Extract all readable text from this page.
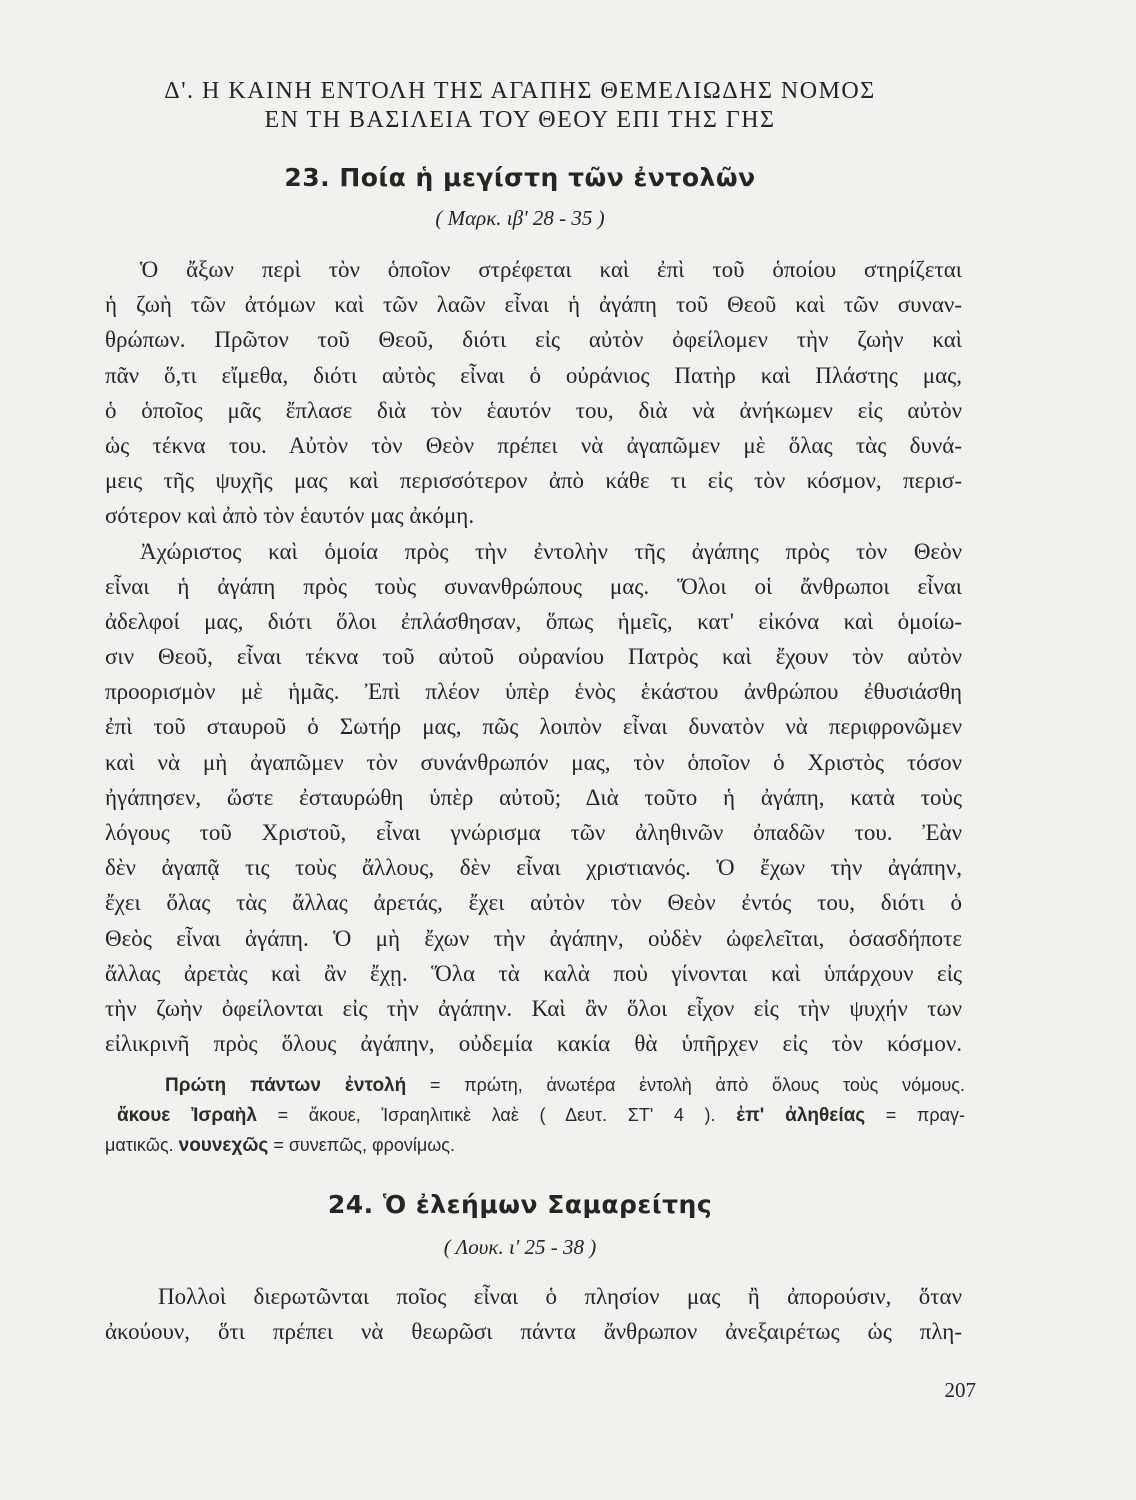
Δ'. Η ΚΑΙΝΗ ΕΝΤΟΛΗ ΤΗΣ ΑΓΑΠΗΣ ΘΕΜΕΛΙΩΔΗΣ ΝΟΜΟΣ
ΕΝ ΤΗ ΒΑΣΙΛΕΙΑ ΤΟΥ ΘΕΟΥ ΕΠΙ ΤΗΣ ΓΗΣ
23. Ποία ἡ μεγίστη τῶν ἐντολῶν
( Μαρκ. ιβ' 28 - 35 )
Ὁ ἄξων περὶ τὸν ὁποῖον στρέφεται καὶ ἐπὶ τοῦ ὁποίου στηρίζεται
ἡ ζωὴ τῶν ἀτόμων καὶ τῶν λαῶν εἶναι ἡ ἀγάπη τοῦ Θεοῦ καὶ τῶν συναν-
θρώπων. Πρῶτον τοῦ Θεοῦ, διότι εἰς αὐτὸν ὀφείλομεν τὴν ζωὴν καὶ
πᾶν ὅ,τι εἴμεθα, διότι αὐτὸς εἶναι ὁ οὐράνιος Πατὴρ καὶ Πλάστης μας,
ὁ ὁποῖος μᾶς ἔπλασε διὰ τὸν ἑαυτόν του, διὰ νὰ ἀνήκωμεν εἰς αὐτὸν
ὡς τέκνα του. Αὐτὸν τὸν Θεὸν πρέπει νὰ ἀγαπῶμεν μὲ ὅλας τὰς δυνά-
μεις τῆς ψυχῆς μας καὶ περισσότερον ἀπὸ κάθε τι εἰς τὸν κόσμον, περισ-
σότερον καὶ ἀπὸ τὸν ἑαυτόν μας ἀκόμη.
Ἀχώριστος καὶ ὁμοία πρὸς τὴν ἐντολὴν τῆς ἀγάπης πρὸς τὸν Θεὸν
εἶναι ἡ ἀγάπη πρὸς τοὺς συνανθρώπους μας. Ὅλοι οἱ ἄνθρωποι εἶναι
ἀδελφοί μας, διότι ὅλοι ἐπλάσθησαν, ὅπως ἡμεῖς, κατ' εἰκόνα καὶ ὁμοίω-
σιν Θεοῦ, εἶναι τέκνα τοῦ αὐτοῦ οὐρανίου Πατρὸς καὶ ἔχουν τὸν αὐτὸν
προορισμὸν μὲ ἡμᾶς. Ἐπὶ πλέον ὑπὲρ ἑνὸς ἑκάστου ἀνθρώπου ἐθυσιάσθη
ἐπὶ τοῦ σταυροῦ ὁ Σωτήρ μας, πῶς λοιπὸν εἶναι δυνατὸν νὰ περιφρονῶμεν
καὶ νὰ μὴ ἀγαπῶμεν τὸν συνάνθρωπόν μας, τὸν ὁποῖον ὁ Χριστὸς τόσον
ἠγάπησεν, ὥστε ἐσταυρώθη ὑπὲρ αὐτοῦ; Διὰ τοῦτο ἡ ἀγάπη, κατὰ τοὺς
λόγους τοῦ Χριστοῦ, εἶναι γνώρισμα τῶν ἀληθινῶν ὀπαδῶν του. Ἐὰν
δὲν ἀγαπᾷ τις τοὺς ἄλλους, δὲν εἶναι χριστιανός. Ὁ ἔχων τὴν ἀγάπην,
ἔχει ὅλας τὰς ἄλλας ἀρετάς, ἔχει αὐτὸν τὸν Θεὸν ἐντός του, διότι ὁ
Θεὸς εἶναι ἀγάπη. Ὁ μὴ ἔχων τὴν ἀγάπην, οὐδὲν ὠφελεῖται, ὁσασδήποτε
ἄλλας ἀρετὰς καὶ ἂν ἔχῃ. Ὅλα τὰ καλὰ ποὺ γίνονται καὶ ὑπάρχουν εἰς
τὴν ζωὴν ὀφείλονται εἰς τὴν ἀγάπην. Καὶ ἂν ὅλοι εἶχον εἰς τὴν ψυχήν των
εἰλικρινῆ πρὸς ὅλους ἀγάπην, οὐδεμία κακία θὰ ὑπῆρχεν εἰς τὸν κόσμον.
Πρώτη πάντων ἐντολή = πρώτη, ἀνωτέρα ἐντολὴ ἀπὸ ὅλους τοὺς νόμους.
ἄκουε Ἰσραὴλ = ἄκουε, Ἰσραηλιτικὲ λαὲ ( Δευτ. ΣΤ' 4 ). ἐπ' ἀληθείας = πραγ-
ματικῶς. νουνεχῶς = συνεπῶς, φρονίμως.
24. Ὁ ἐλεήμων Σαμαρείτης
( Λουκ. ι' 25 - 38 )
Πολλοὶ διερωτῶνται ποῖος εἶναι ὁ πλησίον μας ἢ ἀπορούσιν, ὅταν
ἀκούουν, ὅτι πρέπει νὰ θεωρῶσι πάντα ἄνθρωπον ἀνεξαιρέτως ὡς πλη-
207
